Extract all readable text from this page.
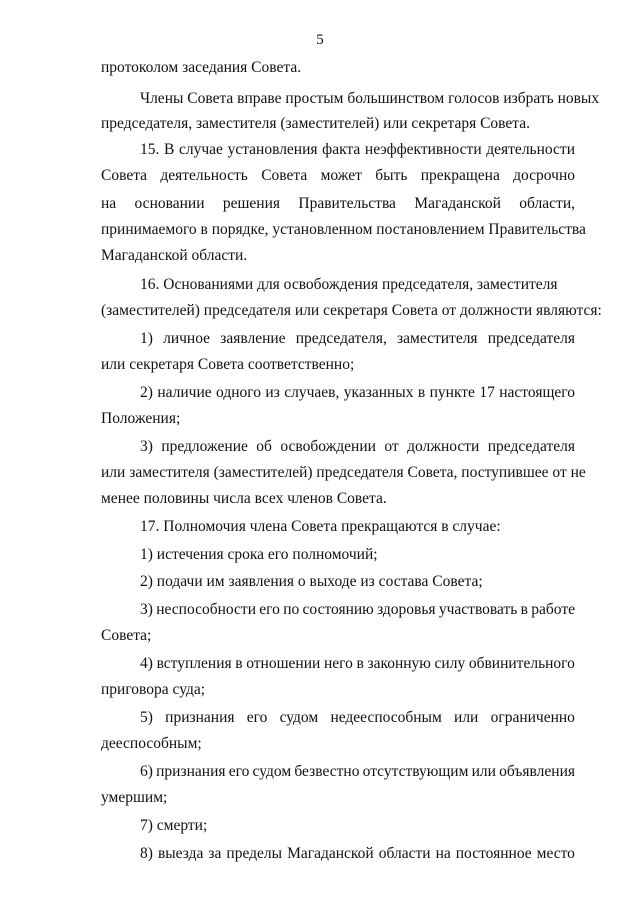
5
протоколом заседания Совета.
Члены Совета вправе простым большинством голосов избрать новых
председателя, заместителя (заместителей) или секретаря Совета.
15. В случае установления факта неэффективности деятельности
Совета деятельность Совета может быть прекращена досрочно
на основании решения Правительства Магаданской области,
принимаемого в порядке, установленном постановлением Правительства
Магаданской области.
16. Основаниями для освобождения председателя, заместителя
(заместителей) председателя или секретаря Совета от должности являются:
1) личное заявление председателя, заместителя председателя
или секретаря Совета соответственно;
2) наличие одного из случаев, указанных в пункте 17 настоящего
Положения;
3) предложение об освобождении от должности председателя
или заместителя (заместителей) председателя Совета, поступившее от не
менее половины числа всех членов Совета.
17. Полномочия члена Совета прекращаются в случае:
1) истечения срока его полномочий;
2) подачи им заявления о выходе из состава Совета;
3) неспособности его по состоянию здоровья участвовать в работе
Совета;
4) вступления в отношении него в законную силу обвинительного
приговора суда;
5) признания его судом недееспособным или ограниченно
дееспособным;
6) признания его судом безвестно отсутствующим или объявления
умершим;
7) смерти;
8) выезда за пределы Магаданской области на постоянное место
